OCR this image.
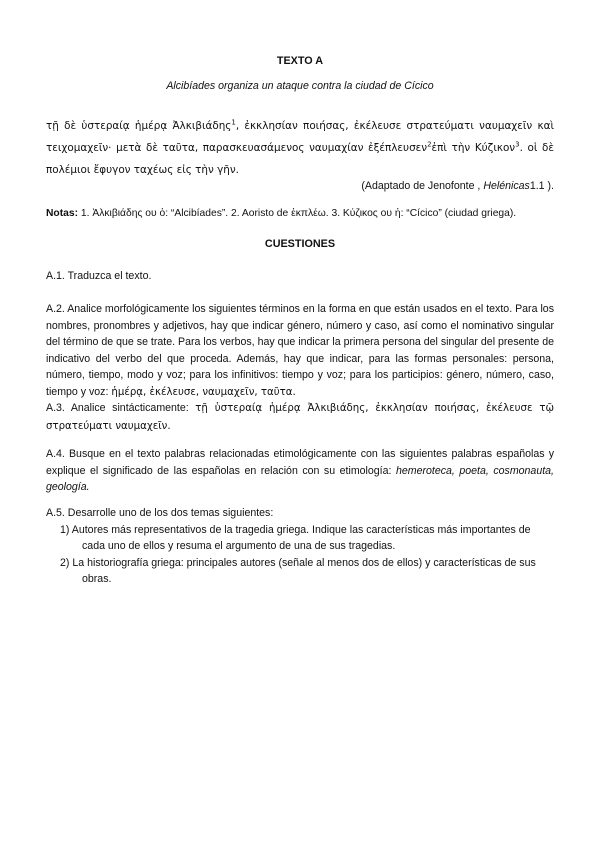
TEXTO A
Alcibíades organiza un ataque contra la ciudad de Cícico
τῇ δὲ ὑστεραίᾳ ἡμέρᾳ Ἀλκιβιάδης$^1$, ἐκκλησίαν ποιήσας, ἐκέλευσε στρατεύματι ναυμαχεῖν καὶ τειχομαχεῖν· μετὰ δὲ ταῦτα, παρασκευασάμενος ναυμαχίαν ἐξέπλευσεν$^2$ἐπὶ τὴν Κύζικον$^3$. οἱ δὲ πολέμιοι ἔφυγον ταχέως εἰς τὴν γῆν.
(Adaptado de Jenofonte , Helénicas1.1 ).
Notas: 1. Ἀλκιβιάδης ου ὁ: “Alcibíades”. 2. Aoristo de ἐκπλέω. 3. Κύζικος ου ἡ: “Cícico” (ciudad griega).
CUESTIONES
A.1. Traduzca el texto.
A.2. Analice morfológicamente los siguientes términos en la forma en que están usados en el texto. Para los nombres, pronombres y adjetivos, hay que indicar género, número y caso, así como el nominativo singular del término de que se trate. Para los verbos, hay que indicar la primera persona del singular del presente de indicativo del verbo del que proceda. Además, hay que indicar, para las formas personales: persona, número, tiempo, modo y voz; para los infinitivos: tiempo y voz; para los participios: género, número, caso, tiempo y voz: ἡμέρᾳ, ἐκέλευσε, ναυμαχεῖν, ταῦτα.
A.3. Analice sintácticamente: τῇ ὑστεραίᾳ ἡμέρᾳ Ἀλκιβιάδης, ἐκκλησίαν ποιήσας, ἐκέλευσε τῷ στρατεύματι ναυμαχεῖν.
A.4. Busque en el texto palabras relacionadas etimológicamente con las siguientes palabras españolas y explique el significado de las españolas en relación con su etimología: hemeroteca, poeta, cosmonauta, geología.
A.5. Desarrolle uno de los dos temas siguientes:
1) Autores más representativos de la tragedia griega. Indique las características más importantes de cada uno de ellos y resuma el argumento de una de sus tragedias.
2) La historiografía griega: principales autores (señale al menos dos de ellos) y características de sus obras.
